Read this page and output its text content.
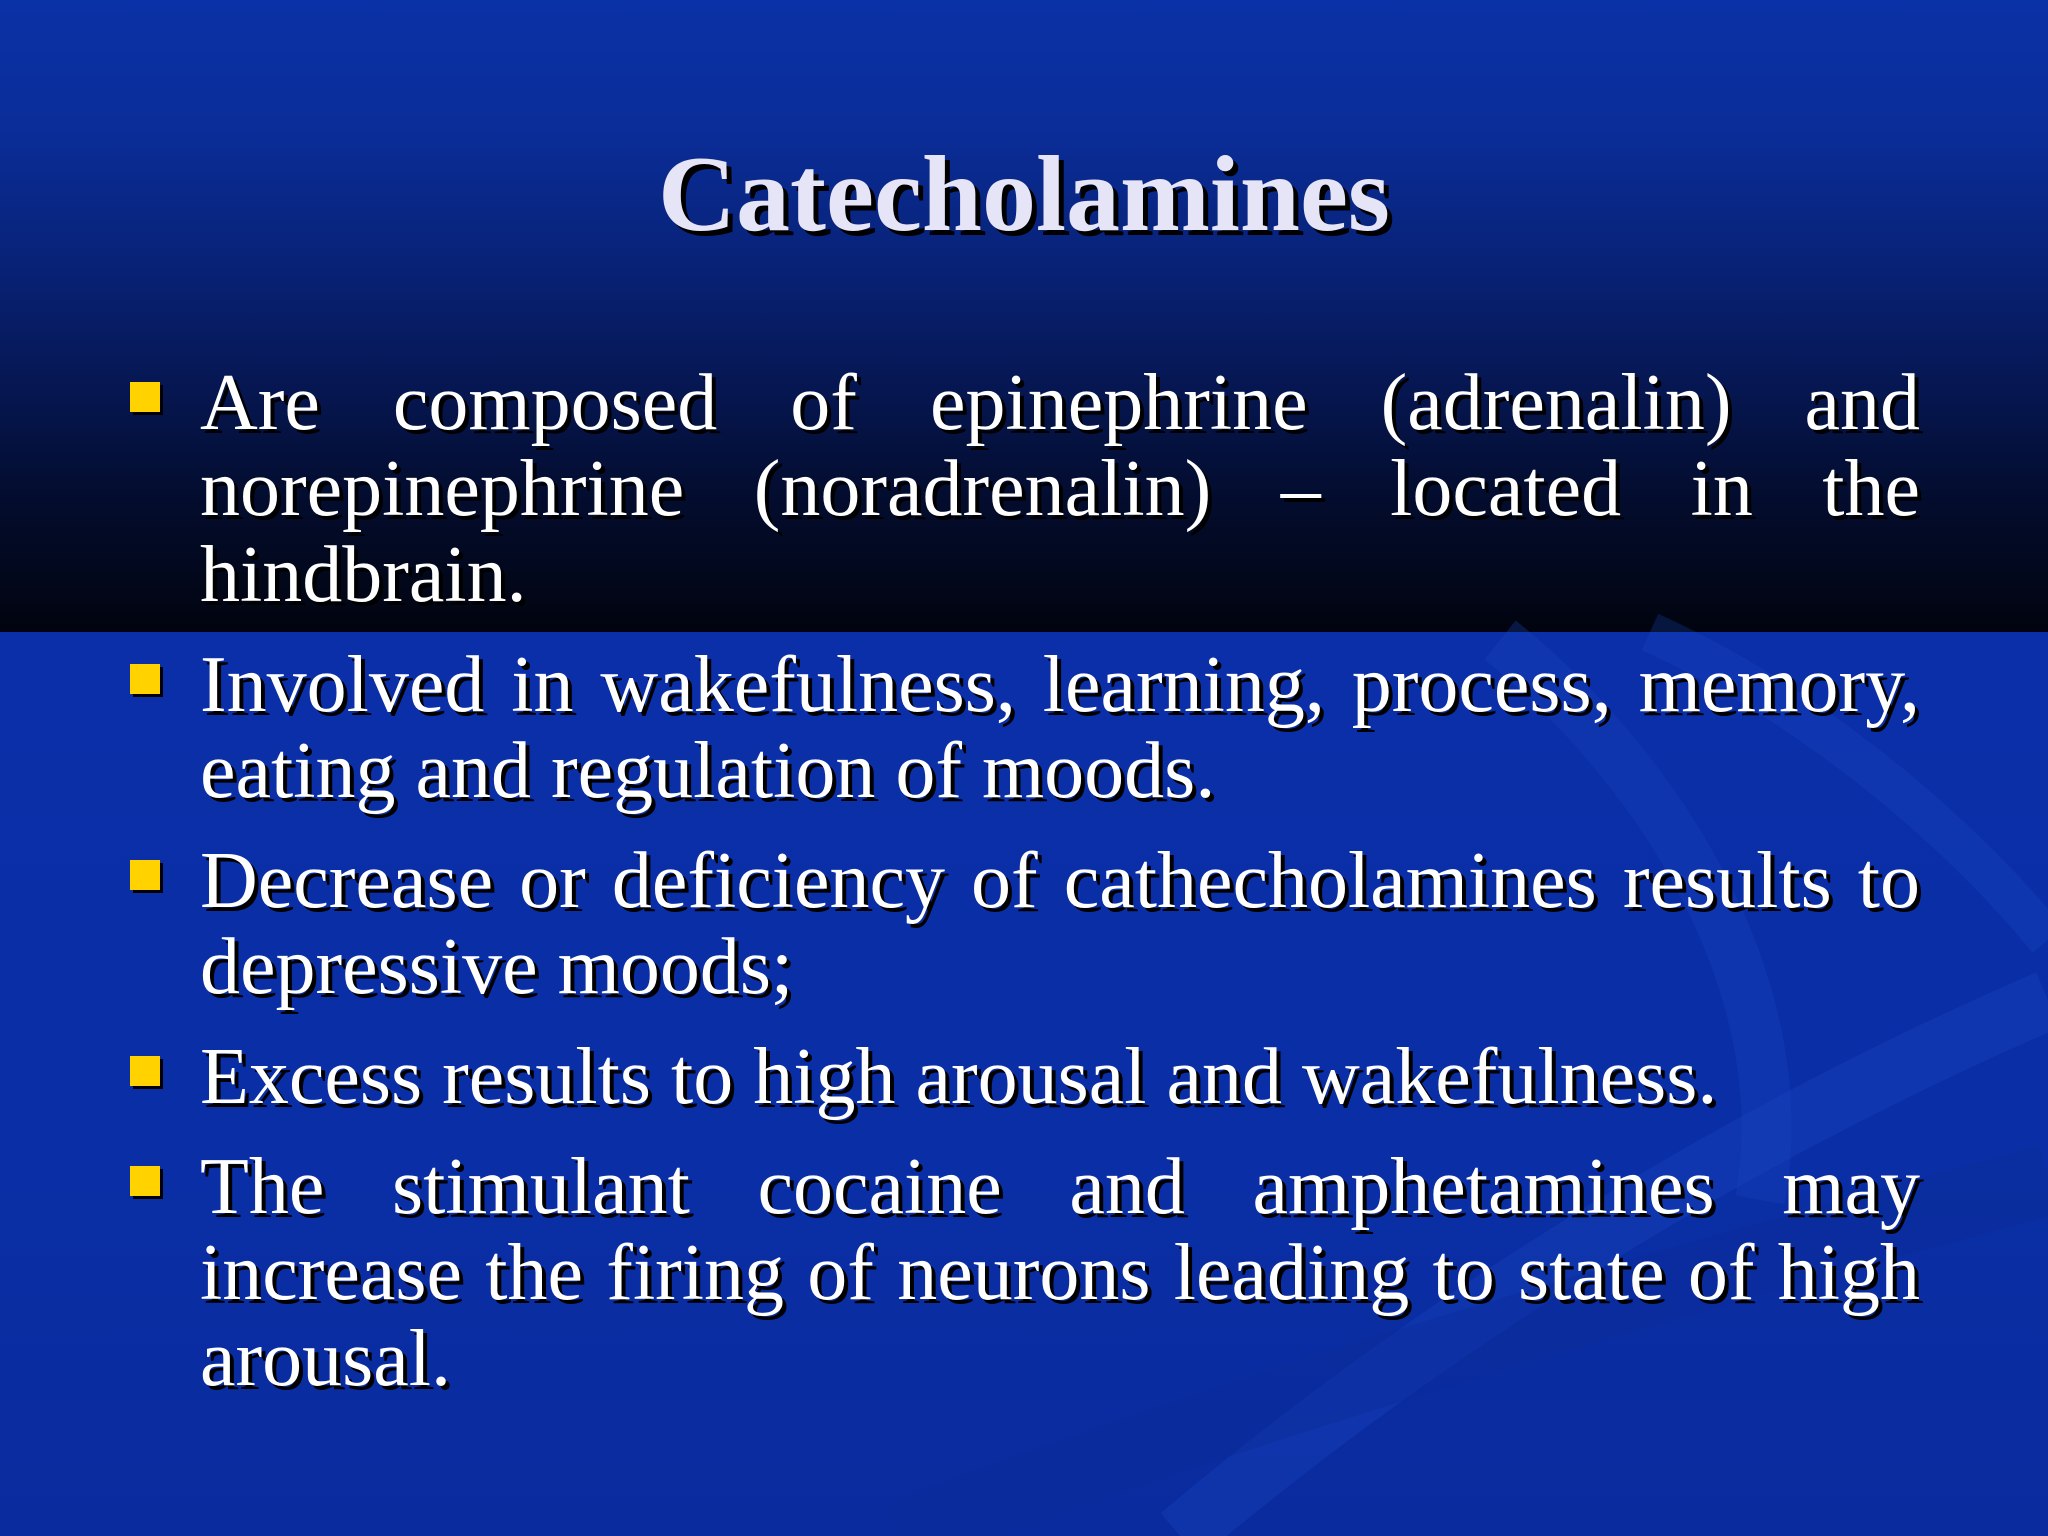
Catecholamines
Are composed of epinephrine (adrenalin) and norepinephrine (noradrenalin) – located in the hindbrain.
Involved in wakefulness, learning, process, memory, eating and regulation of moods.
Decrease or deficiency of cathecholamines results to depressive moods;
Excess results to high arousal and wakefulness.
The stimulant cocaine and amphetamines may increase the firing of neurons leading to state of high arousal.
